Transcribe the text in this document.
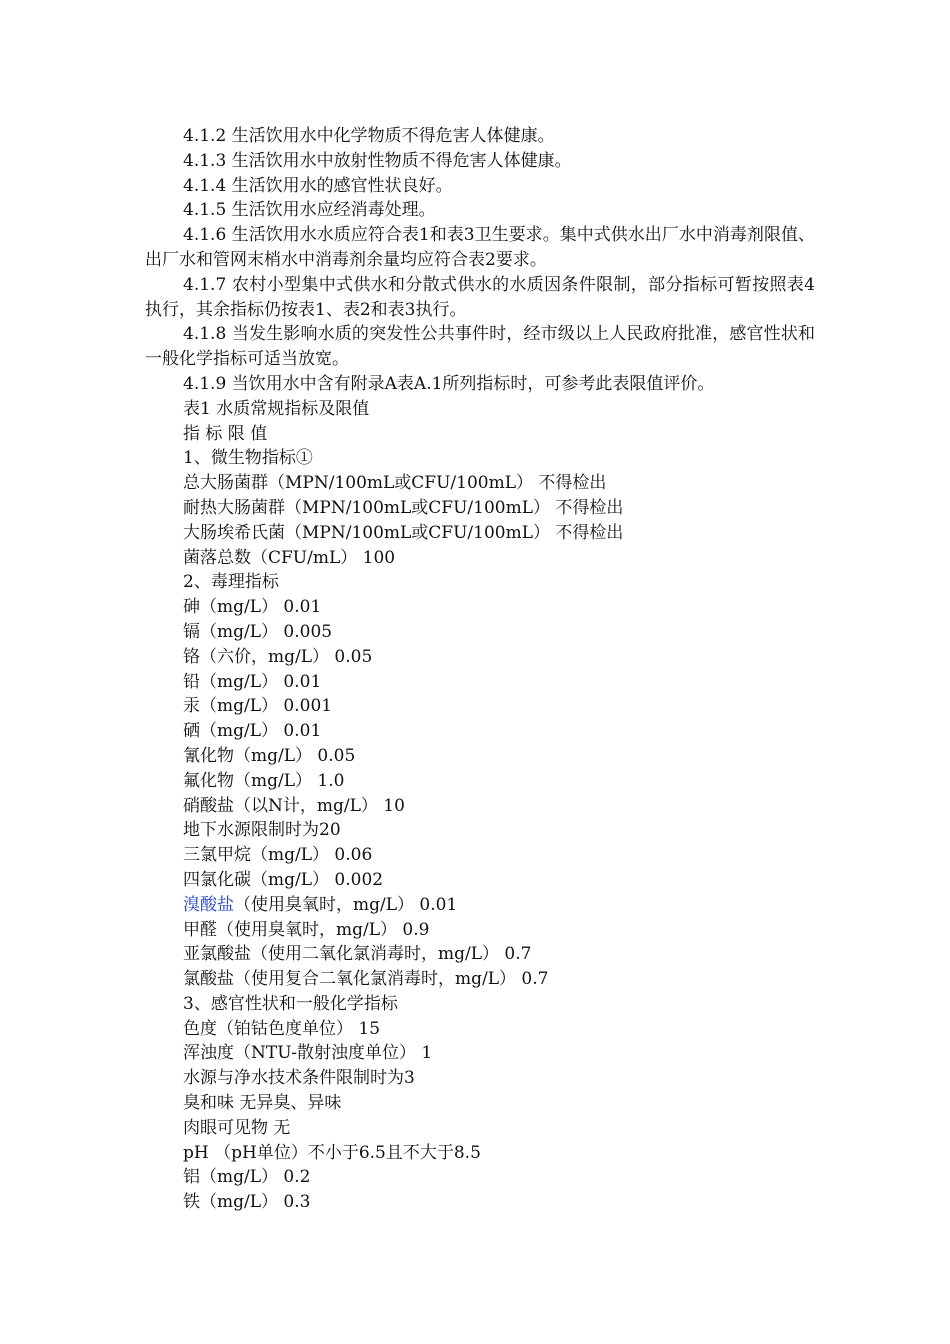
4.1.2 生活饮用水中化学物质不得危害人体健康。

4.1.3 生活饮用水中放射性物质不得危害人体健康。

4.1.4 生活饮用水的感官性状良好。

4.1.5 生活饮用水应经消毒处理。

4.1.6 生活饮用水水质应符合表1和表3卫生要求。集中式供水出厂水中消毒剂限值、出厂水和管网末梢水中消毒剂余量均应符合表2要求。

4.1.7 农村小型集中式供水和分散式供水的水质因条件限制，部分指标可暂按照表4执行，其余指标仍按表1、表2和表3执行。

4.1.8 当发生影响水质的突发性公共事件时，经市级以上人民政府批准，感官性状和一般化学指标可适当放宽。

4.1.9 当饮用水中含有附录A表A.1所列指标时，可参考此表限值评价。

表1 水质常规指标及限值

指 标 限 值

1、微生物指标①

总大肠菌群（MPN/100mL或CFU/100mL） 不得检出

耐热大肠菌群（MPN/100mL或CFU/100mL） 不得检出

大肠埃希氏菌（MPN/100mL或CFU/100mL） 不得检出

菌落总数（CFU/mL） 100

2、毒理指标

砷（mg/L） 0.01

镉（mg/L） 0.005

铬（六价，mg/L） 0.05

铅（mg/L） 0.01

汞（mg/L） 0.001

硒（mg/L） 0.01

氰化物（mg/L） 0.05

氟化物（mg/L） 1.0

硝酸盐（以N计，mg/L） 10

地下水源限制时为20

三氯甲烷（mg/L） 0.06

四氯化碳（mg/L） 0.002

溴酸盐（使用臭氧时，mg/L） 0.01

甲醛（使用臭氧时，mg/L） 0.9

亚氯酸盐（使用二氧化氯消毒时，mg/L） 0.7

氯酸盐（使用复合二氧化氯消毒时，mg/L） 0.7

3、感官性状和一般化学指标

色度（铂钴色度单位） 15

浑浊度（NTU-散射浊度单位） 1

水源与净水技术条件限制时为3

臭和味 无异臭、异味

肉眼可见物 无

pH （pH单位）不小于6.5且不大于8.5

铝（mg/L） 0.2

铁（mg/L） 0.3
